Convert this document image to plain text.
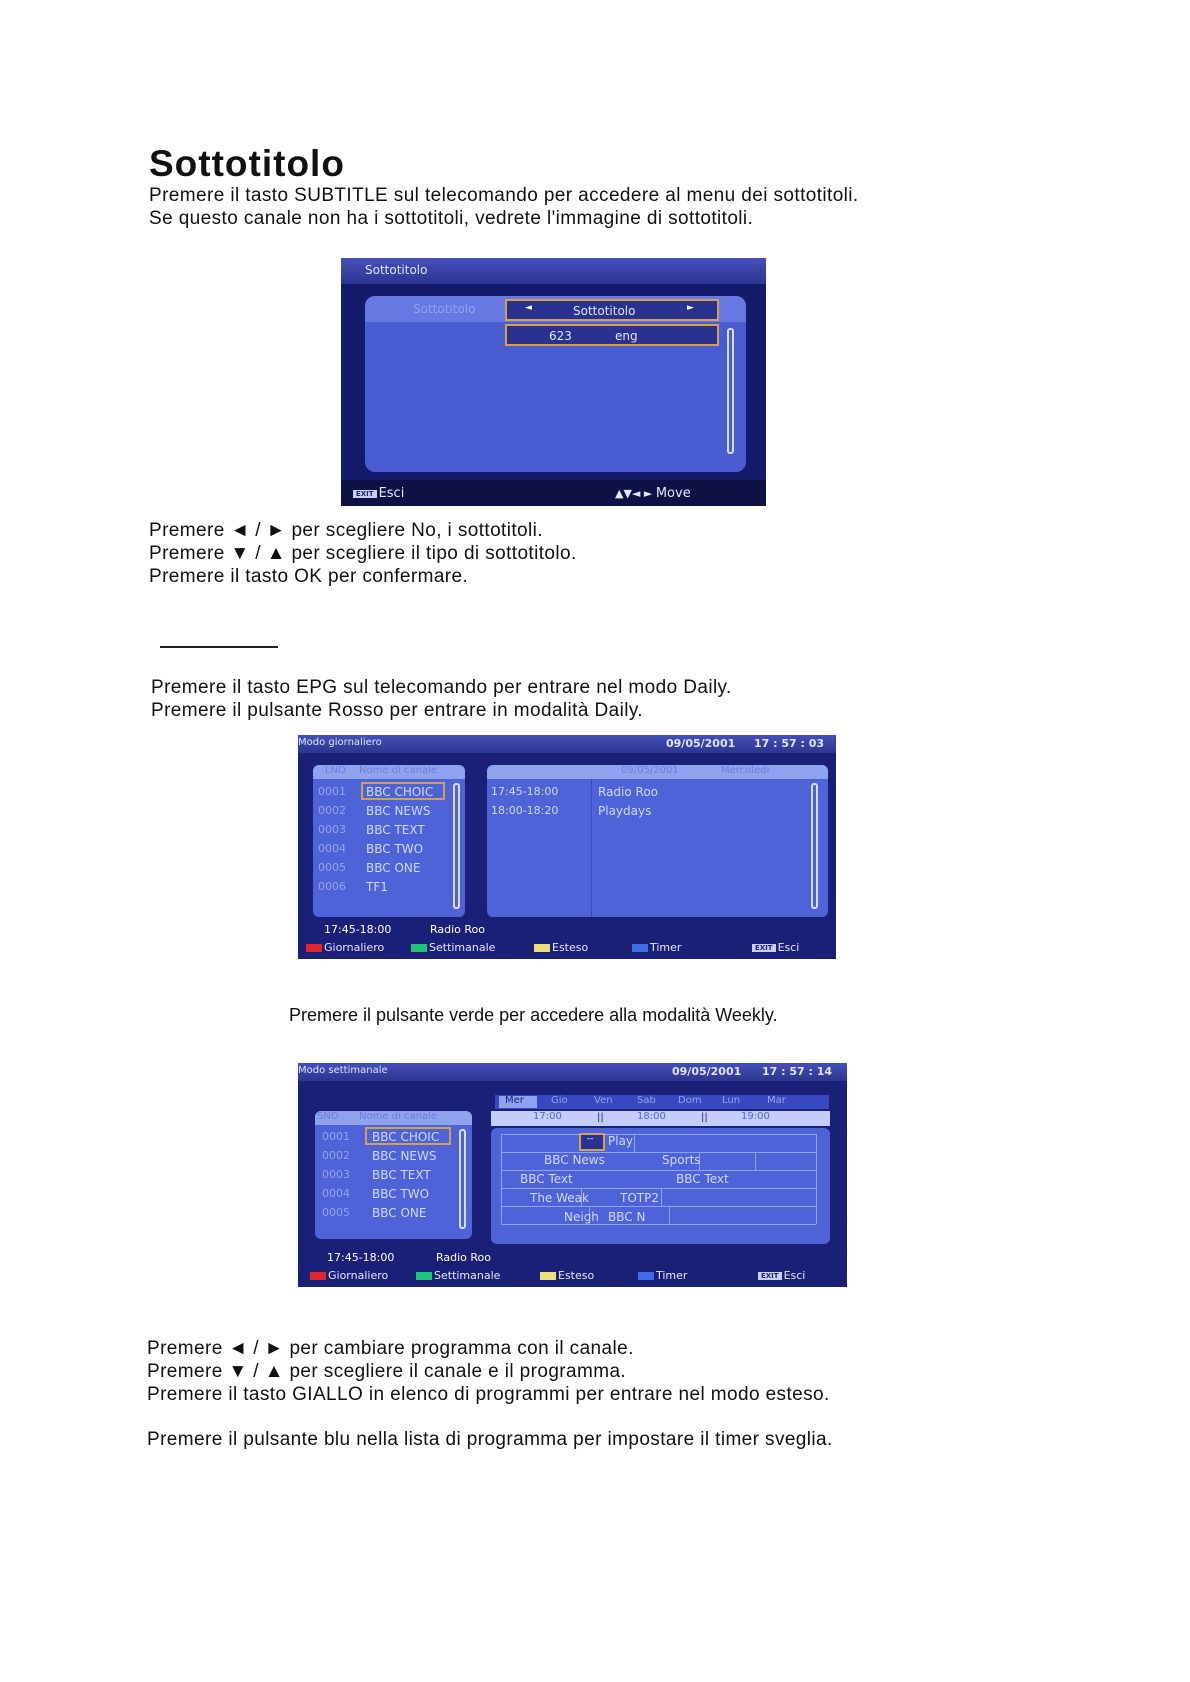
Sottotitolo
Premere il tasto SUBTITLE sul telecomando per accedere al menu dei sottotitoli.
Se questo canale non ha i sottotitoli, vedrete l'immagine di sottotitoli.
Sottotitolo
Sottotitolo	◄	Sottotitolo	►
623	eng
EXIT Esci	▲▼◄ ► Move
Premere ◄ / ► per scegliere No, i sottotitoli.
Premere ▼ / ▲ per scegliere il tipo di sottotitolo.
Premere il tasto OK per confermare.
Premere il tasto EPG sul telecomando per entrare nel modo Daily.
Premere il pulsante Rosso per entrare in modalità Daily.
Modo giornaliero	09/05/2001 17 : 57 : 03
LNO Nome di canale
0001 BBC CHOIC
0002 BBC NEWS
0003 BBC TEXT
0004 BBC TWO
0005 BBC ONE
0006 TF1
09/05/2001	Mercoledi
17:45-18:00	Radio Roo
18:00-18:20	Playdays
17:45-18:00	Radio Roo
Giornaliero	Settimanale	Esteso	Timer	EXIT Esci
Premere il pulsante verde per accedere alla modalità Weekly.
Modo settimanale	09/05/2001 17 : 57 : 14
SNO Nome di canale
0001 BBC CHOIC
0002 BBC NEWS
0003 BBC TEXT
0004 BBC TWO
0005 BBC ONE
Mer	Gio	Ven Sab Dom Lun	Mar
17:00	||	18:00	||	19:00
-- Play
BBC News	Sports
BBC Text	BBC Text
The Weak	TOTP2
Neigh BBC N
17:45-18:00	Radio Roo
Giornaliero	Settimanale	Esteso	Timer	EXIT Esci
Premere ◄ / ► per cambiare programma con il canale.
Premere ▼ / ▲ per scegliere il canale e il programma.
Premere il tasto GIALLO in elenco di programmi per entrare nel modo esteso.
Premere il pulsante blu nella lista di programma per impostare il timer sveglia.
